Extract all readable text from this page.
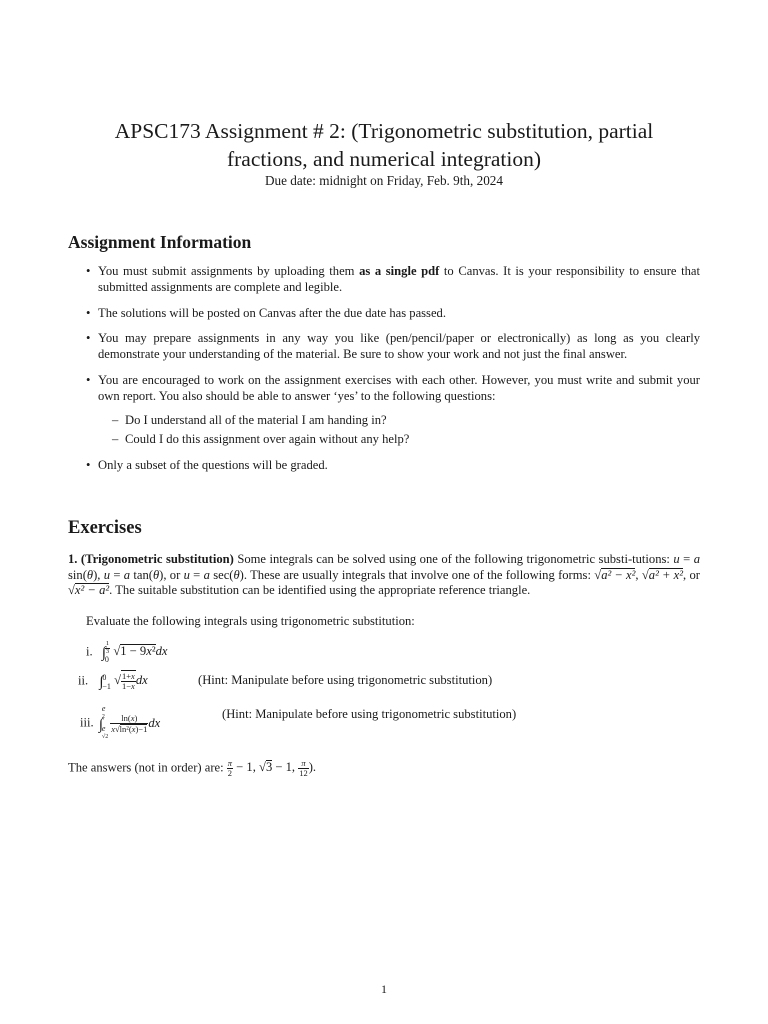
APSC173 Assignment # 2: (Trigonometric substitution, partial
fractions, and numerical integration)
Due date: midnight on Friday, Feb. 9th, 2024
Assignment Information
• You must submit assignments by uploading them as a single pdf to Canvas. It is your responsibility to ensure that submitted assignments are complete and legible.
• The solutions will be posted on Canvas after the due date has passed.
• You may prepare assignments in any way you like (pen/pencil/paper or electronically) as long as you clearly demonstrate your understanding of the material. Be sure to show your work and not just the final answer.
• You are encouraged to work on the assignment exercises with each other. However, you must write and submit your own report. You also should be able to answer ‘yes’ to the following questions:
– Do I understand all of the material I am handing in?
– Could I do this assignment over again without any help?
• Only a subset of the questions will be graded.
Exercises
1. (Trigonometric substitution) Some integrals can be solved using one of the following trigonometric substi-tutions: u = a sin(θ), u = a tan(θ), or u = a sec(θ). These are usually integrals that involve one of the following forms: √a² − x², √a² + x², or √x² − a². The suitable substitution can be identified using the appropriate reference triangle.
Evaluate the following integrals using trigonometric substitution:
i. ∫
1
3
0
√1 − 9x²dx
ii. ∫ 0
−1 √ $\frac{1+x}{1-x}$ dx	(Hint: Manipulate before using trigonometric substitution)
iii. ∫
e
$^2$
e
$^{√2}$
$\frac{\ln(x)}{\text{x√ln²(x)−1}}$ dx
(Hint: Manipulate before using trigonometric substitution)
The answers (not in order) are: $\frac{\pi}{2} - 1$, √3 − 1, $\frac{\pi}{12}$ ).
1
